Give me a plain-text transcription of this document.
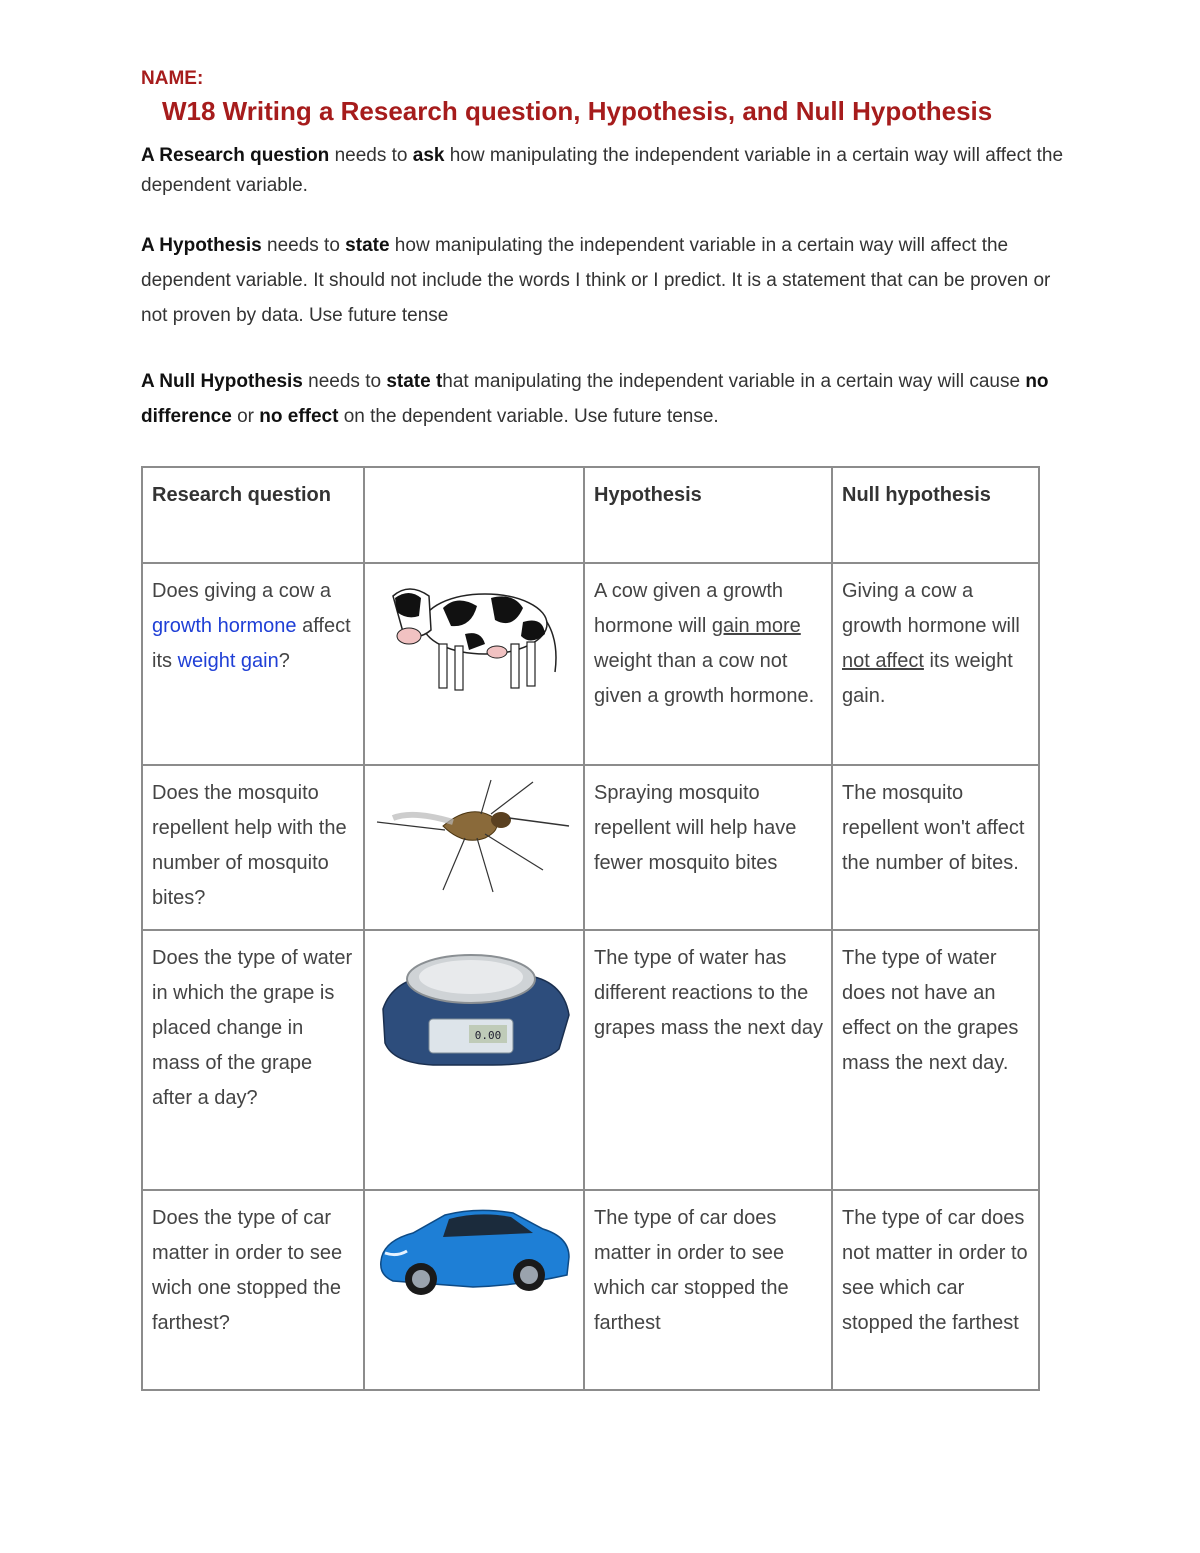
NAME:
W18 Writing a Research question, Hypothesis, and Null Hypothesis
A Research question needs to ask how manipulating the independent variable in a certain way will affect the dependent variable.
A Hypothesis needs to state how manipulating the independent variable in a certain way will affect the dependent variable. It should not include the words I think or I predict. It is a statement that can be proven or not proven by data. Use future tense
A Null Hypothesis needs to state that manipulating the independent variable in a certain way will cause no difference or no effect on the dependent variable. Use future tense.
Research question		Hypothesis	Null hypothesis
Does giving a cow a growth hormone affect its weight gain?		A cow given a growth hormone will gain more weight than a cow not given a growth hormone.	Giving a cow a growth hormone will not affect its weight gain.
Does the mosquito repellent help with the number of mosquito bites?		Spraying mosquito repellent will help have fewer mosquito bites	The mosquito repellent won't affect the number of bites.
Does the type of water in which the grape is placed change in mass of the grape after a day?	0.00	The type of water has different reactions to the grapes mass the next day	The type of water does not have an effect on the grapes mass the next day.
Does the type of car matter in order to see wich one stopped the farthest?		The type of car does matter in order to see which car stopped the farthest	The type of car does not matter in order to see which car stopped the farthest
